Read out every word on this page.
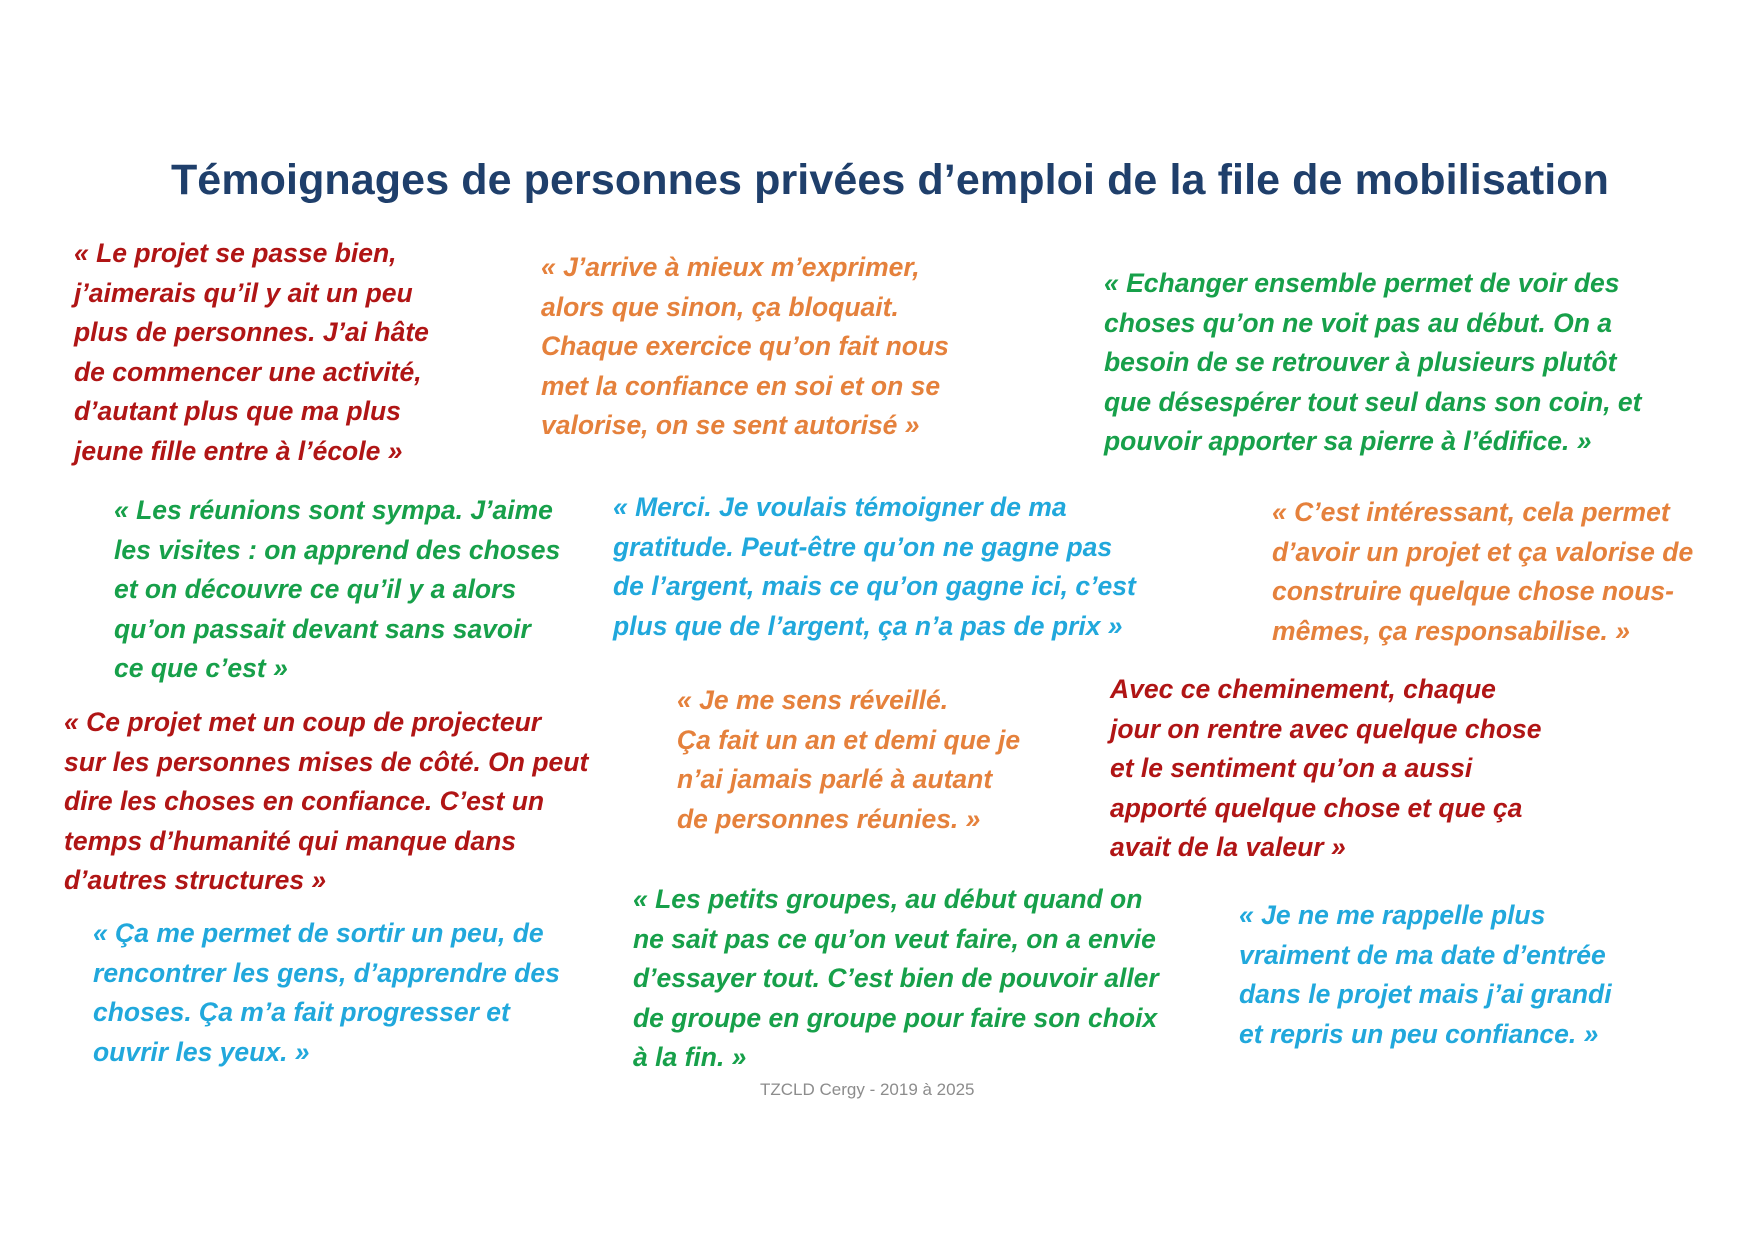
Témoignages de personnes privées d’emploi de la file de mobilisation
« Le projet se passe bien,
j’aimerais qu’il y ait un peu
plus de personnes. J’ai hâte
de commencer une activité,
d’autant plus que ma plus
jeune fille entre à l’école »
« J’arrive à mieux m’exprimer,
alors que sinon, ça bloquait.
Chaque exercice qu’on fait nous
met la confiance en soi et on se
valorise, on se sent autorisé »
« Echanger ensemble permet de voir des
choses qu’on ne voit pas au début. On a
besoin de se retrouver à plusieurs plutôt
que désespérer tout seul dans son coin, et
pouvoir apporter sa pierre à l’édifice. »
« Les réunions sont sympa. J’aime
les visites : on apprend des choses
et on découvre ce qu’il y a alors
qu’on passait devant sans savoir
ce que c’est »
« Merci. Je voulais témoigner de ma
gratitude. Peut-être qu’on ne gagne pas
de l’argent, mais ce qu’on gagne ici, c’est
plus que de l’argent, ça n’a pas de prix »
« C’est intéressant, cela permet
d’avoir un projet et ça valorise de
construire quelque chose nous-
mêmes, ça responsabilise. »
« Ce projet met un coup de projecteur
sur les personnes mises de côté. On peut
dire les choses en confiance. C’est un
temps d’humanité qui manque dans
d’autres structures »
« Je me sens réveillé.
Ça fait un an et demi que je
n’ai jamais parlé à autant
de personnes réunies. »
Avec ce cheminement, chaque
jour on rentre avec quelque chose
et le sentiment qu’on a aussi
apporté quelque chose et que ça
avait de la valeur »
« Ça me permet de sortir un peu, de
rencontrer les gens, d’apprendre des
choses. Ça m’a fait progresser et
ouvrir les yeux. »
« Les petits groupes, au début quand on
ne sait pas ce qu’on veut faire, on a envie
d’essayer tout. C’est bien de pouvoir aller
de groupe en groupe pour faire son choix
à la fin. »
« Je ne me rappelle plus
vraiment de ma date d’entrée
dans le projet mais j’ai grandi
et repris un peu confiance. »
TZCLD Cergy - 2019 à 2025
